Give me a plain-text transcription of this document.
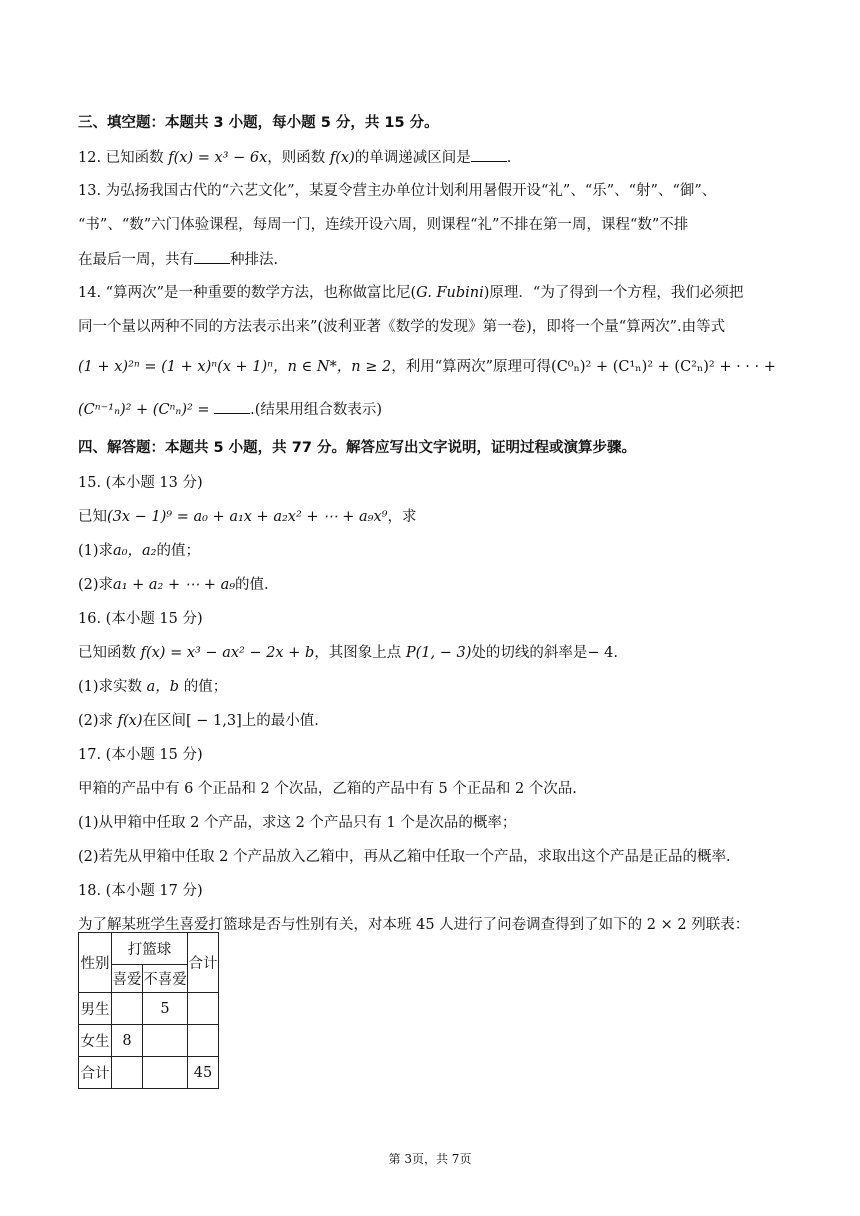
三、填空题：本题共 3 小题，每小题 5 分，共 15 分。
12. 已知函数 f(x) = x³ − 6x，则函数 f(x)的单调递减区间是 .
13. 为弘扬我国古代的“六艺文化”，某夏令营主办单位计划利用暑假开设“礼”、“乐”、“射”、“御”、
“书”、“数”六门体验课程，每周一门，连续开设六周，则课程“礼”不排在第一周，课程“数”不排
在最后一周，共有 种排法.
14. “算两次”是一种重要的数学方法，也称做富比尼(G. Fubini)原理．“为了得到一个方程，我们必须把
同一个量以两种不同的方法表示出来”(波利亚著《数学的发现》第一卷)，即将一个量“算两次”.由等式
(1 + x)²ⁿ = (1 + x)ⁿ(x + 1)ⁿ，n ∈ N*，n ≥ 2，利用“算两次”原理可得(C⁰ₙ)² + (C¹ₙ)² + (C²ₙ)² + · · · +
(Cⁿ⁻¹ₙ)² + (Cⁿₙ)² = .(结果用组合数表示)
四、解答题：本题共 5 小题，共 77 分。解答应写出文字说明，证明过程或演算步骤。
15. (本小题 13 分)
已知(3x − 1)⁹ = a₀ + a₁x + a₂x² + ⋯ + a₉x⁹，求
(1)求a₀，a₂的值；
(2)求a₁ + a₂ + ⋯ + a₉的值.
16. (本小题 15 分)
已知函数 f(x) = x³ − ax² − 2x + b，其图象上点 P(1, − 3)处的切线的斜率是− 4.
(1)求实数 a，b 的值；
(2)求 f(x)在区间[ − 1,3]上的最小值.
17. (本小题 15 分)
甲箱的产品中有 6 个正品和 2 个次品，乙箱的产品中有 5 个正品和 2 个次品.
(1)从甲箱中任取 2 个产品，求这 2 个产品只有 1 个是次品的概率；
(2)若先从甲箱中任取 2 个产品放入乙箱中，再从乙箱中任取一个产品，求取出这个产品是正品的概率.
18. (本小题 17 分)
为了解某班学生喜爱打篮球是否与性别有关，对本班 45 人进行了问卷调查得到了如下的 2 × 2 列联表：
性别	打篮球		合计
	喜爱	不喜爱	
男生		5	
女生	8		
合计			45
第 3页，共 7页
